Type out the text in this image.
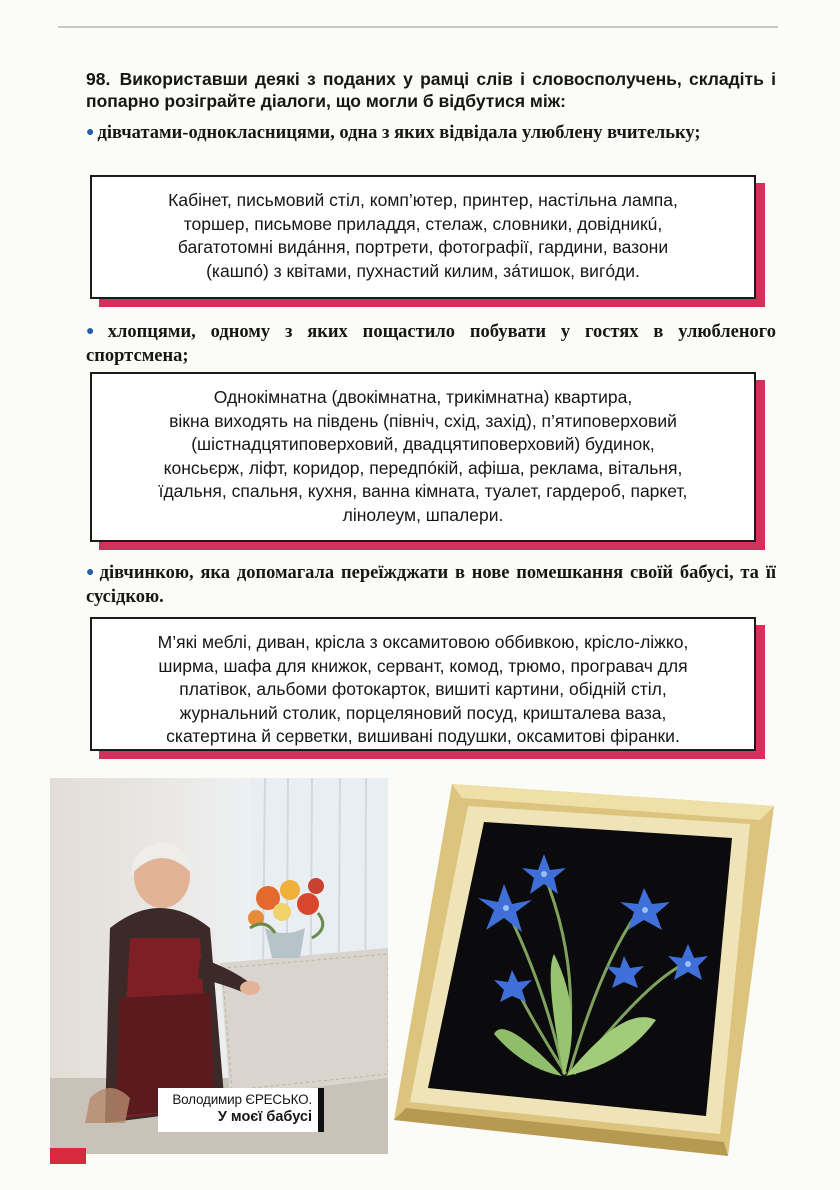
98. Використавши деякі з поданих у рамці слів і словосполучень, складіть і попарно розіграйте діалоги, що могли б відбутися між:
● дівчатами-однокласницями, одна з яких відвідала улюблену вчительку;

Кабінет, письмовий стіл, комп’ютер, принтер, настільна лампа,

торшер, письмове приладдя, стелаж, словники, довідникú,

багатотомні видáння, портрети, фотографії, гардини, вазони

(кашпó) з квітами, пухнастий килим, зáтишок, вигóди.

● хлопцями, одному з яких пощастило побувати у гостях в улюбленого спортсмена;

Однокімнатна (двокімнатна, трикімнатна) квартира,

вікна виходять на південь (північ, схід, захід), п’ятиповерховий

(шістнадцятиповерховий, двадцятиповерховий) будинок,

консьєрж, ліфт, коридор, передпóкій, афіша, реклама, вітальня,

їдальня, спальня, кухня, ванна кімната, туалет, гардероб, паркет,

лінолеум, шпалери.

● дівчинкою, яка допомагала переїжджати в нове помешкання своїй бабусі, та її сусідкою.

М’які меблі, диван, крісла з оксамитовою оббивкою, крісло-ліжко,

ширма, шафа для книжок, сервант, комод, трюмо, програвач для

платівок, альбоми фотокарток, вишиті картини, обідній стіл,

журнальний столик, порцеляновий посуд, кришталева ваза,

скатертина й серветки, вишивані подушки, оксамитові фіранки.

Володимир ЄРЕСЬКО.
У моєї бабусі
